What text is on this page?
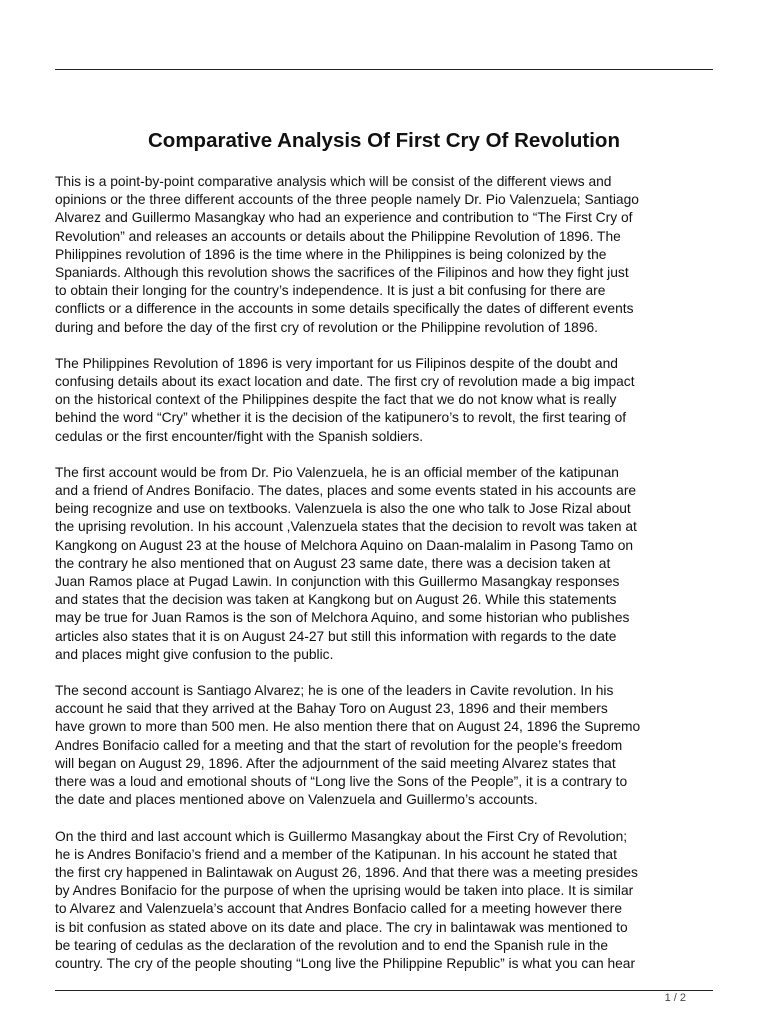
Comparative Analysis Of First Cry Of Revolution

This is a point-by-point comparative analysis which will be consist of the different views and
opinions or the three different accounts of the three people namely Dr. Pio Valenzuela; Santiago
Alvarez and Guillermo Masangkay who had an experience and contribution to “The First Cry of
Revolution” and releases an accounts or details about the Philippine Revolution of 1896. The
Philippines revolution of 1896 is the time where in the Philippines is being colonized by the
Spaniards. Although this revolution shows the sacrifices of the Filipinos and how they fight just
to obtain their longing for the country’s independence. It is just a bit confusing for there are
conflicts or a difference in the accounts in some details specifically the dates of different events
during and before the day of the first cry of revolution or the Philippine revolution of 1896.

The Philippines Revolution of 1896 is very important for us Filipinos despite of the doubt and
confusing details about its exact location and date. The first cry of revolution made a big impact
on the historical context of the Philippines despite the fact that we do not know what is really
behind the word “Cry” whether it is the decision of the katipunero’s to revolt, the first tearing of
cedulas or the first encounter/fight with the Spanish soldiers.

The first account would be from Dr. Pio Valenzuela, he is an official member of the katipunan
and a friend of Andres Bonifacio. The dates, places and some events stated in his accounts are
being recognize and use on textbooks. Valenzuela is also the one who talk to Jose Rizal about
the uprising revolution. In his account ,Valenzuela states that the decision to revolt was taken at
Kangkong on August 23 at the house of Melchora Aquino on Daan-malalim in Pasong Tamo on
the contrary he also mentioned that on August 23 same date, there was a decision taken at
Juan Ramos place at Pugad Lawin. In conjunction with this Guillermo Masangkay responses
and states that the decision was taken at Kangkong but on August 26. While this statements
may be true for Juan Ramos is the son of Melchora Aquino, and some historian who publishes
articles also states that it is on August 24-27 but still this information with regards to the date
and places might give confusion to the public.

The second account is Santiago Alvarez; he is one of the leaders in Cavite revolution. In his
account he said that they arrived at the Bahay Toro on August 23, 1896 and their members
have grown to more than 500 men. He also mention there that on August 24, 1896 the Supremo
Andres Bonifacio called for a meeting and that the start of revolution for the people’s freedom
will began on August 29, 1896. After the adjournment of the said meeting Alvarez states that
there was a loud and emotional shouts of “Long live the Sons of the People”, it is a contrary to
the date and places mentioned above on Valenzuela and Guillermo’s accounts.

On the third and last account which is Guillermo Masangkay about the First Cry of Revolution;
he is Andres Bonifacio’s friend and a member of the Katipunan. In his account he stated that
the first cry happened in Balintawak on August 26, 1896. And that there was a meeting presides
by Andres Bonifacio for the purpose of when the uprising would be taken into place. It is similar
to Alvarez and Valenzuela’s account that Andres Bonfacio called for a meeting however there
is bit confusion as stated above on its date and place. The cry in balintawak was mentioned to
be tearing of cedulas as the declaration of the revolution and to end the Spanish rule in the
country. The cry of the people shouting “Long live the Philippine Republic” is what you can hear

1 / 2
